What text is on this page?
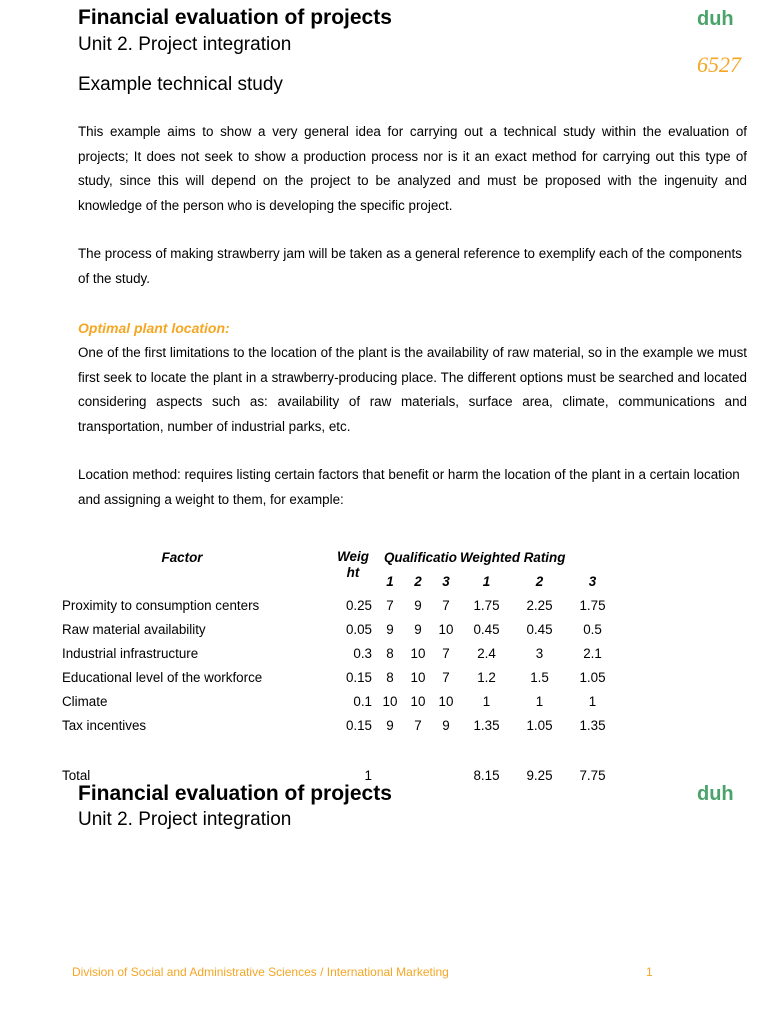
Financial evaluation of projects
Unit 2. Project integration
duh
6527
Example technical study
This example aims to show a very general idea for carrying out a technical study within the evaluation of projects; It does not seek to show a production process nor is it an exact method for carrying out this type of study, since this will depend on the project to be analyzed and must be proposed with the ingenuity and knowledge of the person who is developing the specific project.
The process of making strawberry jam will be taken as a general reference to exemplify each of the components of the study.
Optimal plant location:
One of the first limitations to the location of the plant is the availability of raw material, so in the example we must first seek to locate the plant in a strawberry-producing place. The different options must be searched and located considering aspects such as: availability of raw materials, surface area, climate, communications and transportation, number of industrial parks, etc.
Location method: requires listing certain factors that benefit or harm the location of the plant in a certain location and assigning a weight to them, for example:
Factor	Weig ht	Qualificatio			Weighted Rating		
		1	2	3	1	2	3
Proximity to consumption centers	0.25	7	9	7	1.75	2.25	1.75
Raw material availability	0.05	9	9	10	0.45	0.45	0.5
Industrial infrastructure	0.3	8	10	7	2.4	3	2.1
Educational level of the workforce	0.15	8	10	7	1.2	1.5	1.05
Climate	0.1	10	10	10	1	1	1
Tax incentives	0.15	9	7	9	1.35	1.05	1.35

Total	1				8.15	9.25	7.75
Financial evaluation of projects
Unit 2. Project integration
duh
Division of Social and Administrative Sciences / International Marketing	1
